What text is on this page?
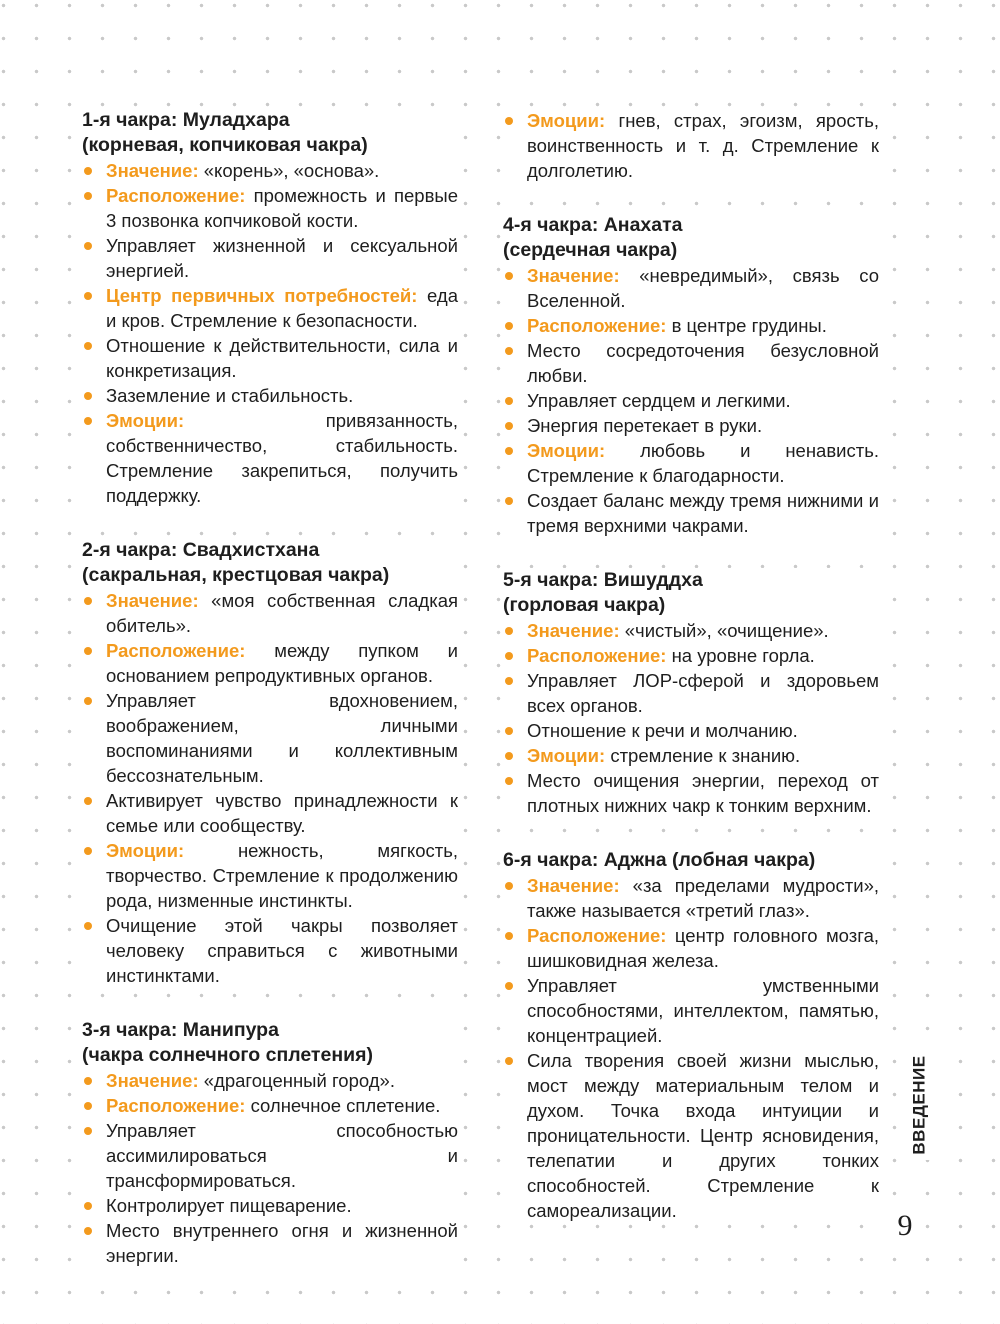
1-я чакра: Муладхара
(корневая, копчиковая чакра)

Значение: «корень», «основа».
Расположение: промежность и первые 3 позвонка копчиковой кости.
Управляет жизненной и сексуальной энергией.
Центр первичных потребностей: еда и кров. Стремление к безопасности.
Отношение к действительности, сила и конкретизация.
Заземление и стабильность.
Эмоции:	привязанность, собственничество, стабильность. Стремление закрепиться, получить поддержку.

2-я чакра: Свадхистхана
(сакральная, крестцовая чакра)

Значение: «моя собственная сладкая обитель».
Расположение: между пупком и основанием репродуктивных органов.
Управляет вдохновением, воображением, личными воспоминаниями и коллективным бессознательным.
Активирует чувство принадлежности к семье или сообществу.
Эмоции:	нежность, мягкость, творчество. Стремление к продолжению рода, низменные инстинкты.
Очищение этой чакры позволяет человеку справиться с животными инстинктами.

3-я чакра: Манипура
(чакра солнечного сплетения)

Значение: «драгоценный город».
Расположение: солнечное сплетение.
Управляет способностью ассимилироваться и трансформироваться.
Контролирует пищеварение.
Место внутреннего огня и жизненной энергии.
Эмоции: гнев, страх, эгоизм, ярость, воинственность и т. д. Стремление к долголетию.

4-я чакра: Анахата
(сердечная чакра)

Значение: «невредимый», связь со Вселенной.
Расположение: в центре грудины.
Место сосредоточения безусловной любви.
Управляет сердцем и легкими.
Энергия перетекает в руки.
Эмоции: любовь и ненависть. Стремление к благодарности.
Создает баланс между тремя нижними и тремя верхними чакрами.

5-я чакра: Вишуддха
(горловая чакра)

Значение: «чистый», «очищение».
Расположение: на уровне горла.
Управляет ЛОР-сферой и здоровьем всех органов.
Отношение к речи и молчанию.
Эмоции: стремление к знанию.
Место очищения энергии, переход от плотных нижних чакр к тонким верхним.

6-я чакра: Аджна (лобная чакра)

Значение: «за пределами мудрости», также называется «третий глаз».
Расположение: центр головного мозга, шишковидная железа.
Управляет умственными способностями, интеллектом, памятью, концентрацией.
Сила творения своей жизни мыслью, мост между материальным телом и духом. Точка входа интуиции и проницательности. Центр ясновидения, телепатии и других тонких способностей. Стремление к самореализации.
ВВЕДЕНИЕ
9
